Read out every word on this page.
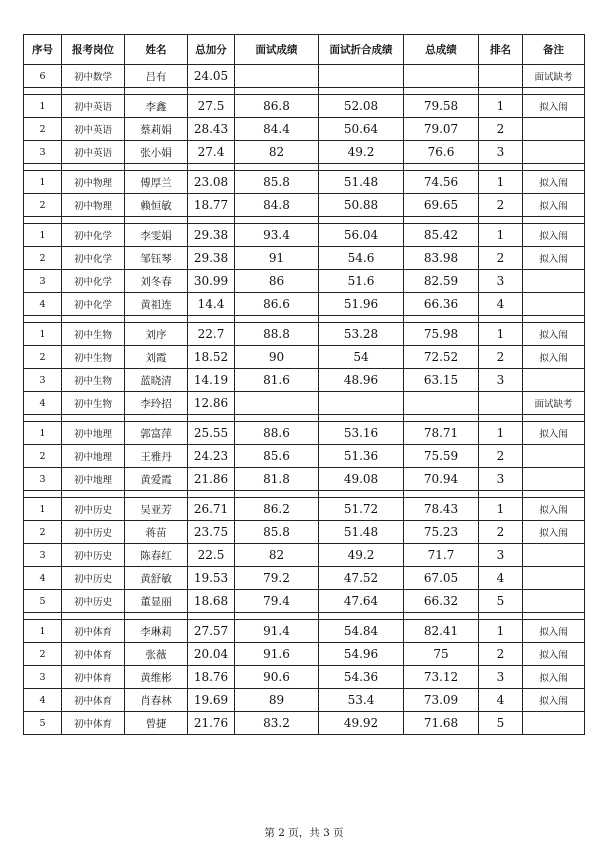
序号	报考岗位	姓名	总加分	面试成绩	面试折合成绩	总成绩	排名	备注
6	初中数学	吕有	24.05					面试缺考

1	初中英语	李鑫	27.5	86.8	52.08	79.58	1	拟入闱
2	初中英语	蔡莉娟	28.43	84.4	50.64	79.07	2	
3	初中英语	张小娟	27.4	82	49.2	76.6	3	

1	初中物理	傅厚兰	23.08	85.8	51.48	74.56	1	拟入闱
2	初中物理	赖恒敏	18.77	84.8	50.88	69.65	2	拟入闱

1	初中化学	李雯娟	29.38	93.4	56.04	85.42	1	拟入闱
2	初中化学	邹钰琴	29.38	91	54.6	83.98	2	拟入闱
3	初中化学	刘冬春	30.99	86	51.6	82.59	3	
4	初中化学	黄祖连	14.4	86.6	51.96	66.36	4	

1	初中生物	刘序	22.7	88.8	53.28	75.98	1	拟入闱
2	初中生物	刘霞	18.52	90	54	72.52	2	拟入闱
3	初中生物	蓝晓清	14.19	81.6	48.96	63.15	3	
4	初中生物	李玲招	12.86					面试缺考

1	初中地理	郭富萍	25.55	88.6	53.16	78.71	1	拟入闱
2	初中地理	王雅丹	24.23	85.6	51.36	75.59	2	
3	初中地理	黄爱霞	21.86	81.8	49.08	70.94	3	

1	初中历史	吴亚芳	26.71	86.2	51.72	78.43	1	拟入闱
2	初中历史	蒋苗	23.75	85.8	51.48	75.23	2	拟入闱
3	初中历史	陈春红	22.5	82	49.2	71.7	3	
4	初中历史	黄舒敏	19.53	79.2	47.52	67.05	4	
5	初中历史	董显丽	18.68	79.4	47.64	66.32	5	

1	初中体育	李琳莉	27.57	91.4	54.84	82.41	1	拟入闱
2	初中体育	张薇	20.04	91.6	54.96	75	2	拟入闱
3	初中体育	黄维彬	18.76	90.6	54.36	73.12	3	拟入闱
4	初中体育	肖春林	19.69	89	53.4	73.09	4	拟入闱
5	初中体育	曾捷	21.76	83.2	49.92	71.68	5	
第 2 页，共 3 页
